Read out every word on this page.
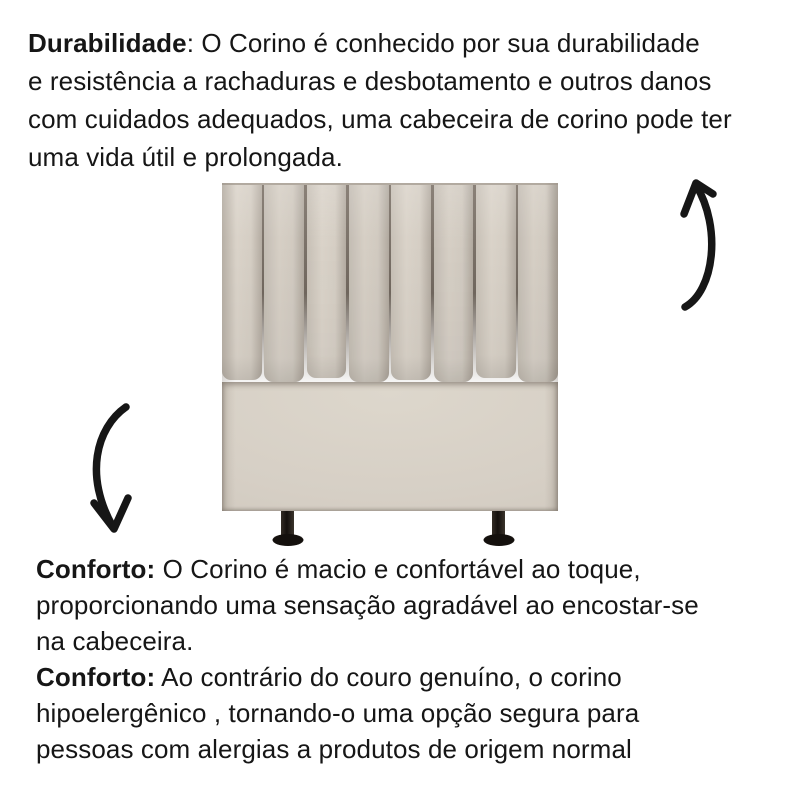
Durabilidade: O Corino é conhecido por sua durabilidade
e resistência a rachaduras e desbotamento e outros danos
com cuidados adequados, uma cabeceira de corino pode ter
uma vida útil e prolongada.
Conforto: O Corino é macio e confortável ao toque,
proporcionando uma sensação agradável ao encostar-se
na cabeceira.
Conforto: Ao contrário do couro genuíno, o corino
hipoelergênico , tornando-o uma opção segura para
pessoas com alergias a produtos de origem normal
